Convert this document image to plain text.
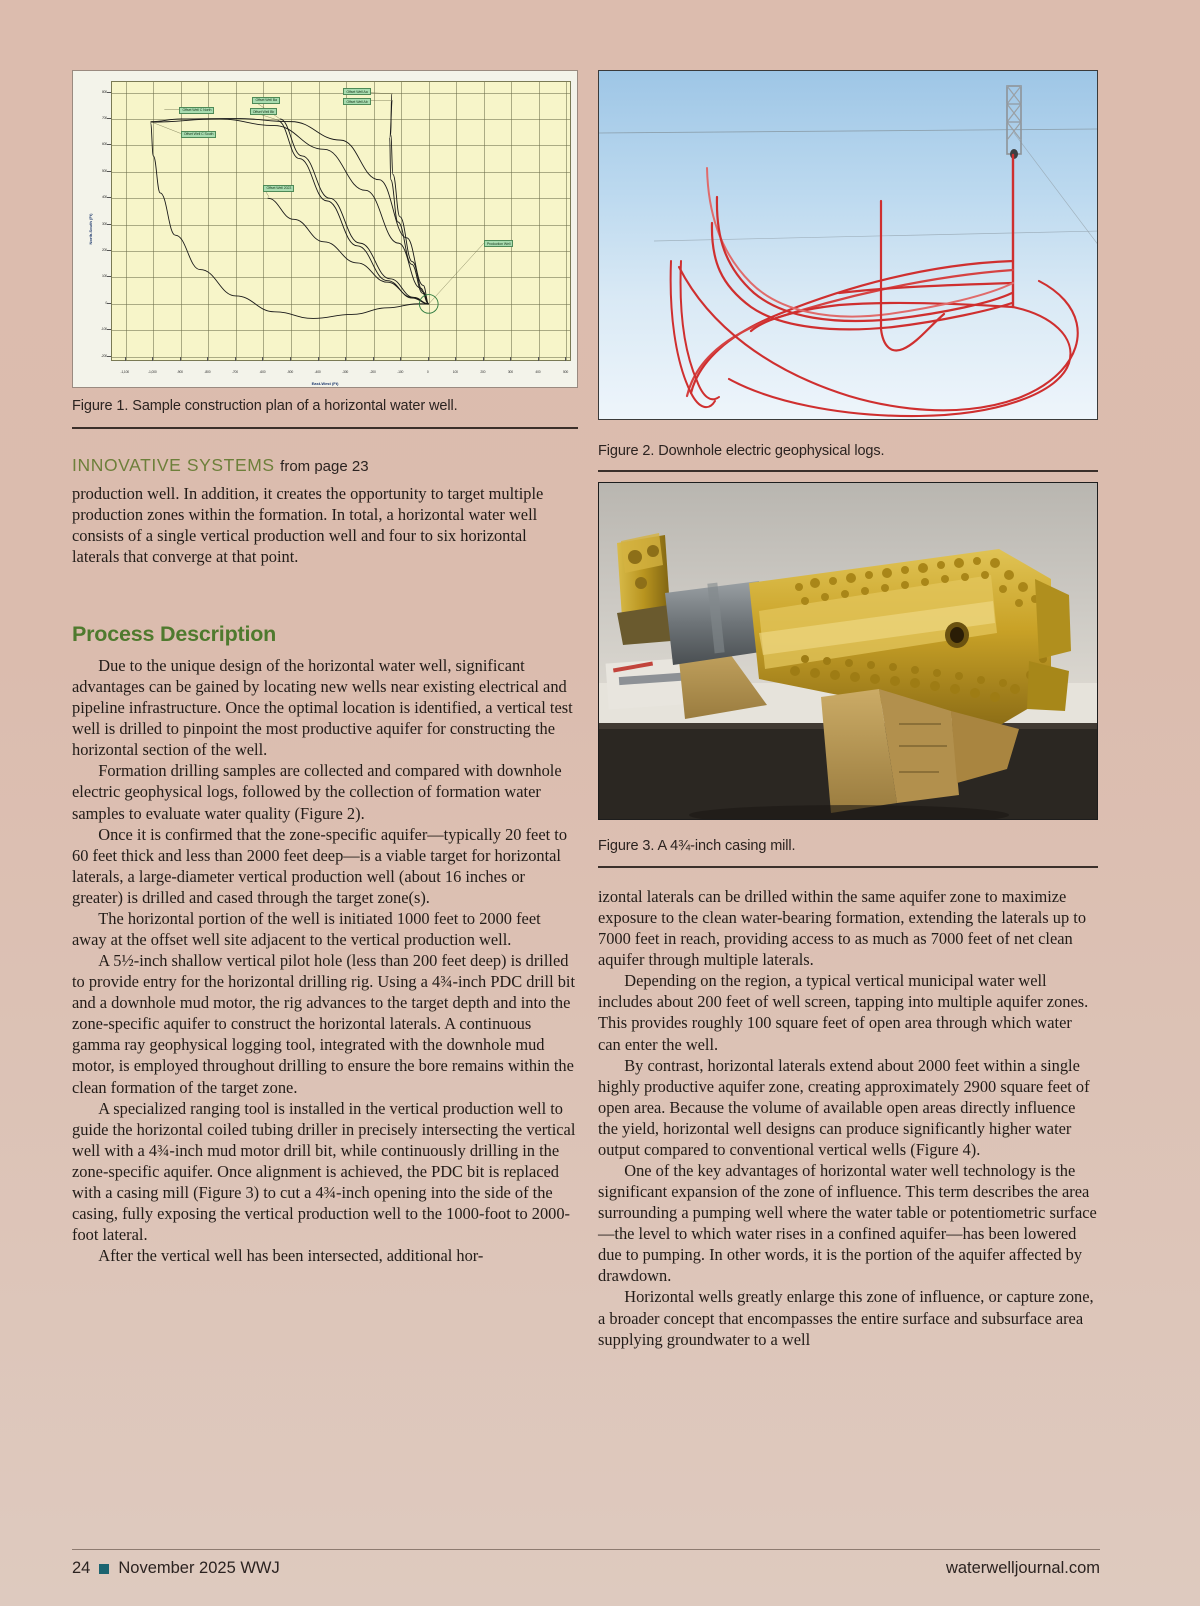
Offset Well C North
Offset Well C South
Offset Well Ba
Offset Well Bb
Offset Well Aa
Offset Well Ab
Offset Well 2023
Production Well
East-West (Ft)
North-South (Ft)
-1,100	-1,000	-900	-800	-700	-600	-500	-400	-300	-200	-100	0	100	200	300	400	500
-200
-100
0
100
200
300
400
500
600
700
800
Figure 1. Sample construction plan of a horizontal water well.
Figure 2. Downhole electric geophysical logs.
Figure 3. A 4¾-inch casing mill.
INNOVATIVE SYSTEMS from page 23

production well. In addition, it creates the opportunity to target multiple production zones within the formation. In total, a horizontal water well consists of a single vertical production well and four to six horizontal laterals that converge at that point.

Process Description

Due to the unique design of the horizontal water well, significant advantages can be gained by locating new wells near existing electrical and pipeline infrastructure. Once the optimal location is identified, a vertical test well is drilled to pinpoint the most productive aquifer for constructing the horizontal section of the well.

Formation drilling samples are collected and compared with downhole electric geophysical logs, followed by the collection of formation water samples to evaluate water quality (Figure 2).

Once it is confirmed that the zone-specific aquifer—typically 20 feet to 60 feet thick and less than 2000 feet deep—is a viable target for horizontal laterals, a large-diameter vertical production well (about 16 inches or greater) is drilled and cased through the target zone(s).

The horizontal portion of the well is initiated 1000 feet to 2000 feet away at the offset well site adjacent to the vertical production well.

A 5½-inch shallow vertical pilot hole (less than 200 feet deep) is drilled to provide entry for the horizontal drilling rig. Using a 4¾-inch PDC drill bit and a downhole mud motor, the rig advances to the target depth and into the zone-specific aquifer to construct the horizontal laterals. A continuous gamma ray geophysical logging tool, integrated with the downhole mud motor, is employed throughout drilling to ensure the bore remains within the clean formation of the target zone.

A specialized ranging tool is installed in the vertical production well to guide the horizontal coiled tubing driller in precisely intersecting the vertical well with a 4¾-inch mud motor drill bit, while continuously drilling in the zone-specific aquifer. Once alignment is achieved, the PDC bit is replaced with a casing mill (Figure 3) to cut a 4¾-inch opening into the side of the casing, fully exposing the vertical production well to the 1000-foot to 2000-foot lateral.

After the vertical well has been intersected, additional hor-

izontal laterals can be drilled within the same aquifer zone to maximize exposure to the clean water-bearing formation, extending the laterals up to 7000 feet in reach, providing access to as much as 7000 feet of net clean aquifer through multiple laterals.

Depending on the region, a typical vertical municipal water well includes about 200 feet of well screen, tapping into multiple aquifer zones. This provides roughly 100 square feet of open area through which water can enter the well.

By contrast, horizontal laterals extend about 2000 feet within a single highly productive aquifer zone, creating approximately 2900 square feet of open area. Because the volume of available open areas directly influence the yield, horizontal well designs can produce significantly higher water output compared to conventional vertical wells (Figure 4).

One of the key advantages of horizontal water well technology is the significant expansion of the zone of influence. This term describes the area surrounding a pumping well where the water table or potentiometric surface—the level to which water rises in a confined aquifer—has been lowered due to pumping. In other words, it is the portion of the aquifer affected by drawdown.

Horizontal wells greatly enlarge this zone of influence, or capture zone, a broader concept that encompasses the entire surface and subsurface area supplying groundwater to a well

24 November 2025 WWJ	waterwelljournal.com
